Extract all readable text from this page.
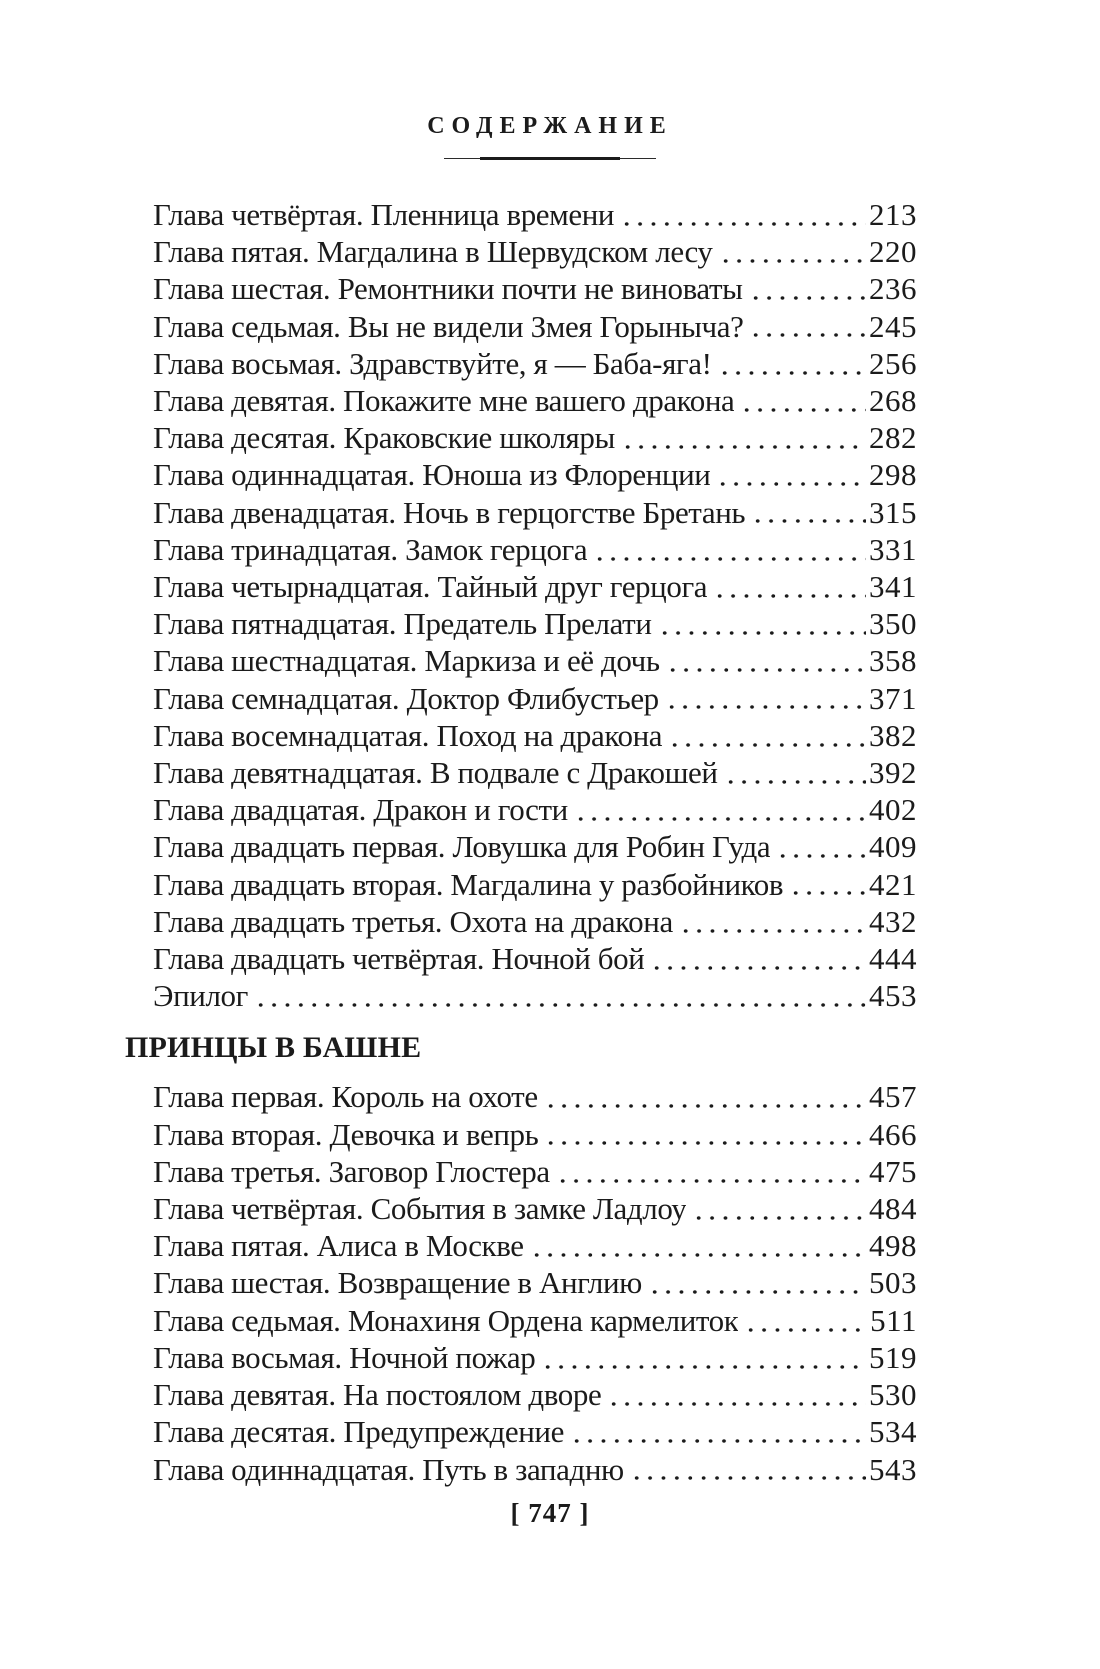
СОДЕРЖАНИЕ
Глава четвёртая. Пленница времени	213
Глава пятая. Магдалина в Шервудском лесу	220
Глава шестая. Ремонтники почти не виноваты	236
Глава седьмая. Вы не видели Змея Горыныча?	245
Глава восьмая. Здравствуйте, я — Баба-яга!	256
Глава девятая. Покажите мне вашего дракона	268
Глава десятая. Краковские школяры	282
Глава одиннадцатая. Юноша из Флоренции	298
Глава двенадцатая. Ночь в герцогстве Бретань	315
Глава тринадцатая. Замок герцога	331
Глава четырнадцатая. Тайный друг герцога	341
Глава пятнадцатая. Предатель Прелати	350
Глава шестнадцатая. Маркиза и её дочь	358
Глава семнадцатая. Доктор Флибустьер	371
Глава восемнадцатая. Поход на дракона	382
Глава девятнадцатая. В подвале с Дракошей	392
Глава двадцатая. Дракон и гости	402
Глава двадцать первая. Ловушка для Робин Гуда	409
Глава двадцать вторая. Магдалина у разбойников	421
Глава двадцать третья. Охота на дракона	432
Глава двадцать четвёртая. Ночной бой	444
Эпилог	453
ПРИНЦЫ В БАШНЕ
Глава первая. Король на охоте	457
Глава вторая. Девочка и вепрь	466
Глава третья. Заговор Глостера	475
Глава четвёртая. События в замке Ладлоу	484
Глава пятая. Алиса в Москве	498
Глава шестая. Возвращение в Англию	503
Глава седьмая. Монахиня Ордена кармелиток	511
Глава восьмая. Ночной пожар	519
Глава девятая. На постоялом дворе	530
Глава десятая. Предупреждение	534
Глава одиннадцатая. Путь в западню	543
[ 747 ]
